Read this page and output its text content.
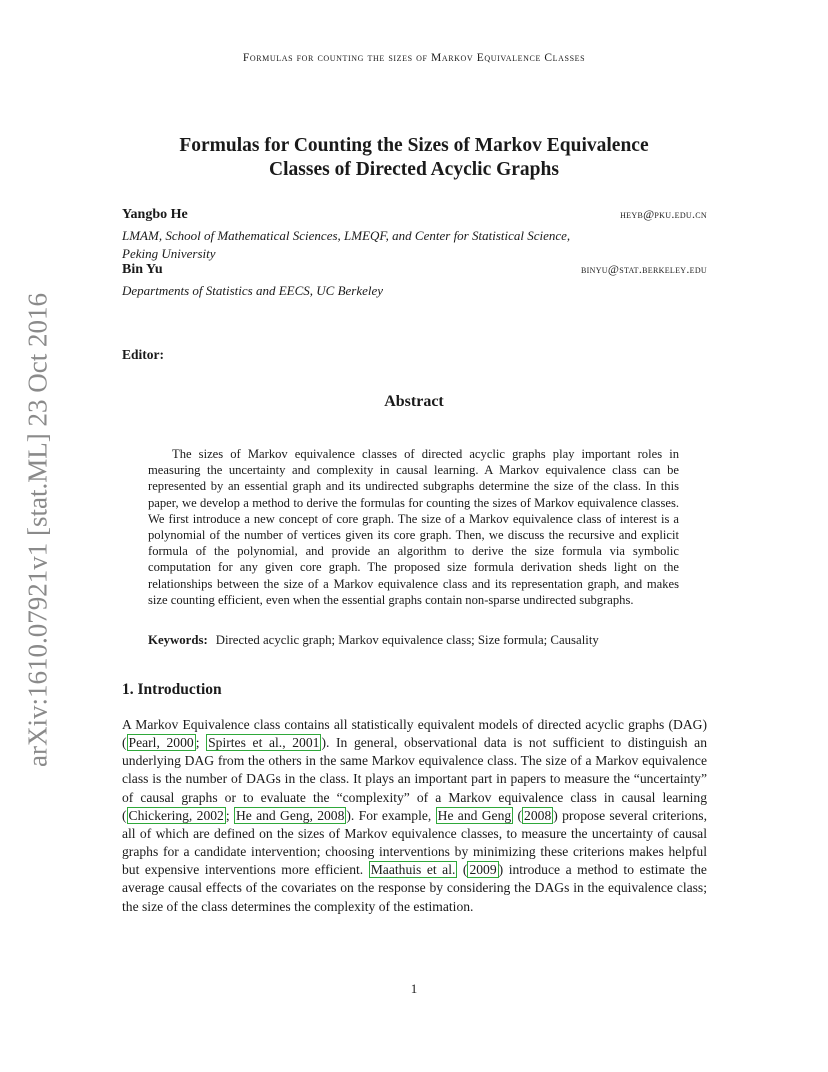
Formulas for counting the sizes of Markov Equivalence Classes
arXiv:1610.07921v1 [stat.ML] 23 Oct 2016
Formulas for Counting the Sizes of Markov Equivalence
Classes of Directed Acyclic Graphs
Yangbo He	heyb@pku.edu.cn
LMAM, School of Mathematical Sciences, LMEQF, and Center for Statistical Science,
Peking University
Bin Yu	binyu@stat.berkeley.edu
Departments of Statistics and EECS, UC Berkeley
Editor:
Abstract

The sizes of Markov equivalence classes of directed acyclic graphs play important roles in measuring the uncertainty and complexity in causal learning. A Markov equivalence class can be represented by an essential graph and its undirected subgraphs determine the size of the class. In this paper, we develop a method to derive the formulas for counting the sizes of Markov equivalence classes. We first introduce a new concept of core graph. The size of a Markov equivalence class of interest is a polynomial of the number of vertices given its core graph. Then, we discuss the recursive and explicit formula of the polynomial, and provide an algorithm to derive the size formula via symbolic computation for any given core graph. The proposed size formula derivation sheds light on the relationships between the size of a Markov equivalence class and its representation graph, and makes size counting efficient, even when the essential graphs contain non-sparse undirected subgraphs.

Keywords: Directed acyclic graph; Markov equivalence class; Size formula; Causality
1. Introduction

A Markov Equivalence class contains all statistically equivalent models of directed acyclic graphs (DAG) ( Pearl, 2000 ; Spirtes et al., 2001 ). In general, observational data is not sufficient to distinguish an underlying DAG from the others in the same Markov equivalence class. The size of a Markov equivalence class is the number of DAGs in the class. It plays an important part in papers to measure the “uncertainty” of causal graphs or to evaluate the “complexity” of a Markov equivalence class in causal learning ( Chickering, 2002 ; He and Geng, 2008 ). For example, He and Geng ( 2008 ) propose several criterions, all of which are defined on the sizes of Markov equivalence classes, to measure the uncertainty of causal graphs for a candidate intervention; choosing interventions by minimizing these criterions makes helpful but expensive interventions more efficient. Maathuis et al. ( 2009 ) introduce a method to estimate the average causal effects of the covariates on the response by considering the DAGs in the equivalence class; the size of the class determines the complexity of the estimation.

1
